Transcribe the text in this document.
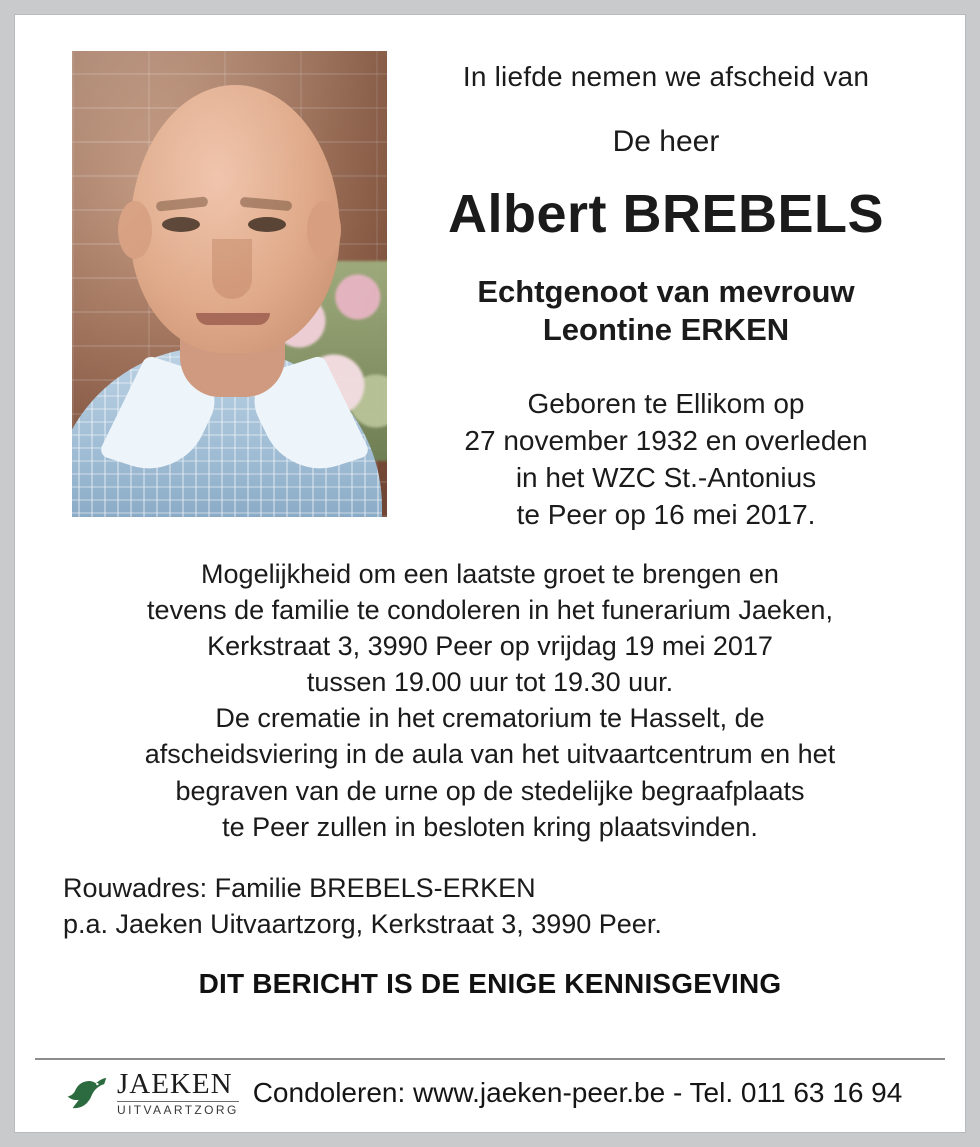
In liefde nemen we afscheid van
De heer
Albert BREBELS
Echtgenoot van mevrouw
Leontine ERKEN
Geboren te Ellikom op
27 november 1932 en overleden
in het WZC St.-Antonius
te Peer op 16 mei 2017.
Mogelijkheid om een laatste groet te brengen en
tevens de familie te condoleren in het funerarium Jaeken,
Kerkstraat 3, 3990 Peer op vrijdag 19 mei 2017
tussen 19.00 uur tot 19.30 uur.
De crematie in het crematorium te Hasselt, de
afscheidsviering in de aula van het uitvaartcentrum en het
begraven van de urne op de stedelijke begraafplaats
te Peer zullen in besloten kring plaatsvinden.
Rouwadres: Familie BREBELS-ERKEN
p.a. Jaeken Uitvaartzorg, Kerkstraat 3, 3990 Peer.
DIT BERICHT IS DE ENIGE KENNISGEVING
JAEKEN
UITVAARTZORG
Condoleren: www.jaeken-peer.be - Tel. 011 63 16 94
